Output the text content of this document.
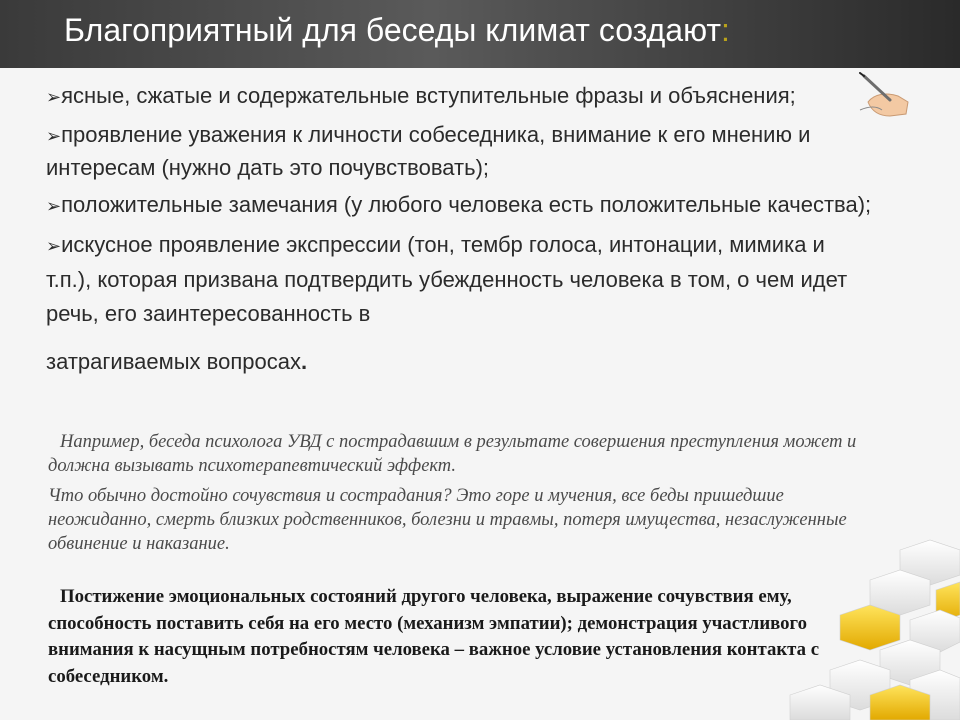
Благоприятный для беседы климат создают:
➢ясные, сжатые и содержательные вступительные фразы и объяснения;
➢проявление уважения к личности собеседника, внимание к его мнению и интересам (нужно дать это почувствовать);
➢положительные замечания (у любого человека есть положительные качества);
➢искусное проявление экспрессии (тон, тембр голоса, интонации, мимика и т.п.), которая призвана подтвердить убежденность человека в том, о чем идет речь, его заинтересованность в
затрагиваемых вопросах.
Например, беседа психолога УВД с пострадавшим в результате совершения преступления может и должна вызывать психотерапевтический эффект.
Что обычно достойно сочувствия и сострадания? Это горе и мучения, все беды пришедшие неожиданно, смерть близких родственников, болезни и травмы, потеря имущества, незаслуженные обвинение и наказание.
Постижение эмоциональных состояний другого человека, выражение сочувствия ему, способность поставить себя на его место (механизм эмпатии); демонстрация участливого внимания к насущным потребностям человека – важное условие установления контакта с собеседником.
